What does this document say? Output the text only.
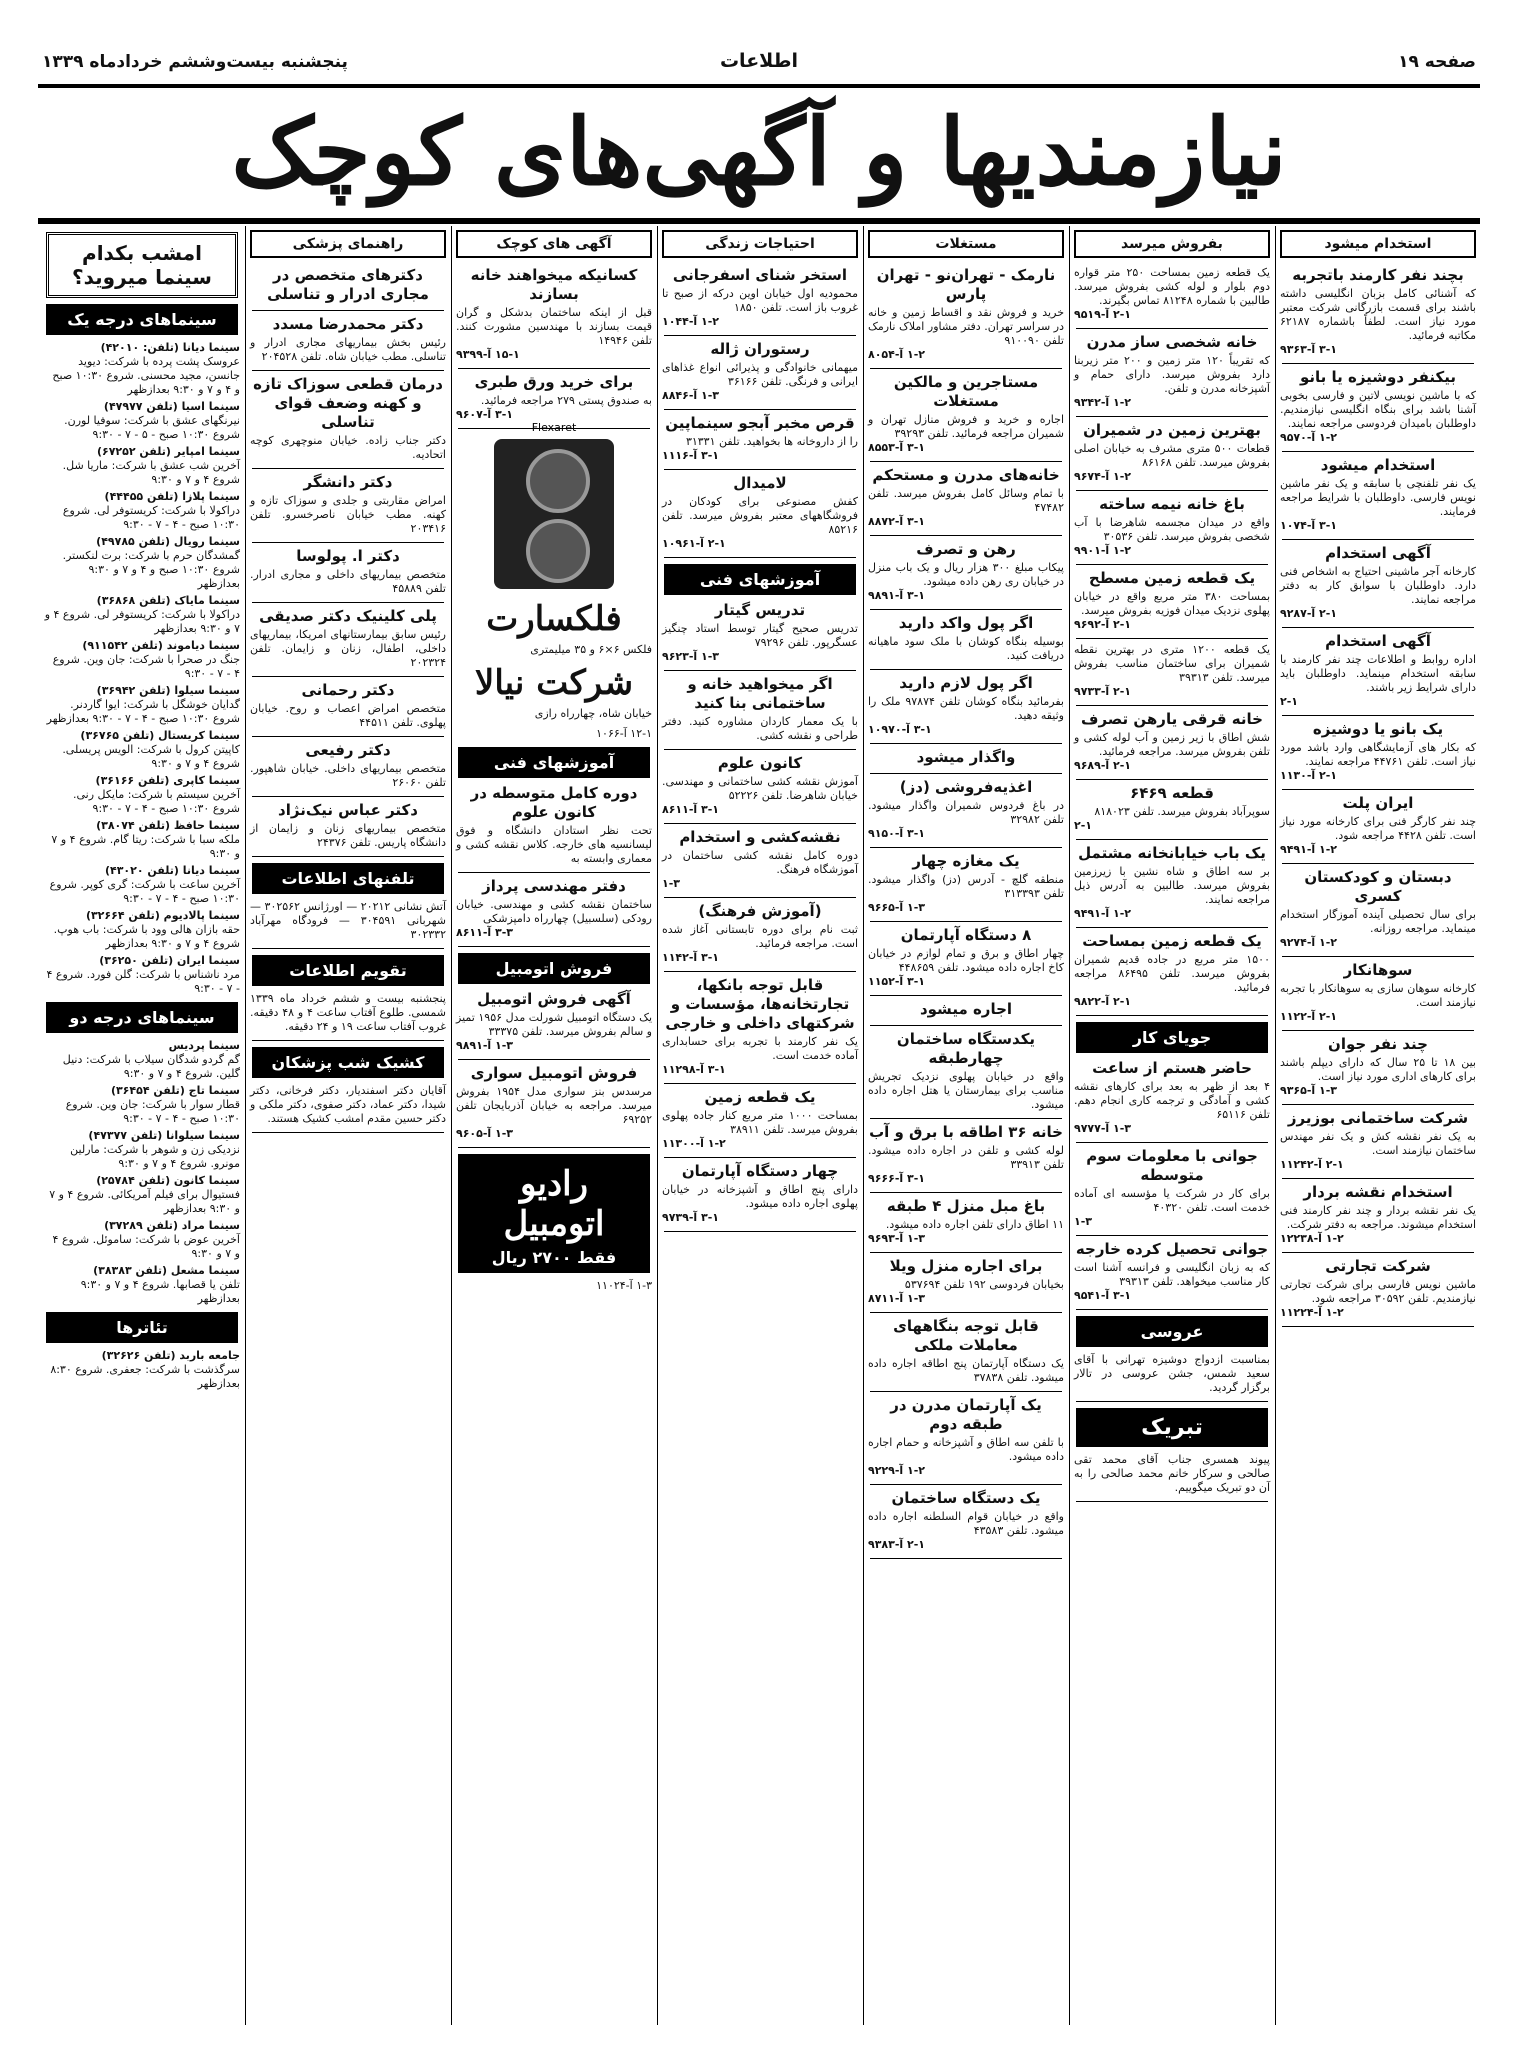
صفحه ۱۹
اطلاعات
پنجشنبه بیست‌وششم خردادماه ۱۳۳۹
نیازمندیها و آگهی‌های کوچک
استخدام میشود
بچند نفر کارمند باتجربه
که آشنائی کامل بزبان انگلیسی داشته باشند برای قسمت بازرگانی شرکت معتبر مورد نیاز است. لطفاً باشماره ۶۲۱۸۷ مکاتبه فرمائید.
۳-۱ آ-۹۳۶۳
بیکنفر دوشیزه یا بانو
که با ماشین نویسی لاتین و فارسی بخوبی آشنا باشد برای بنگاه انگلیسی نیازمندیم. داوطلبان بامیدان فردوسی مراجعه نمایند.
۱-۲ آ-۹۵۷۰
استخدام میشود
یک نفر تلفنچی با سابقه و یک نفر ماشین نویس فارسی. داوطلبان با شرایط مراجعه فرمایند.
۳-۱ آ-۱۰۷۴
آگهی استخدام
کارخانه آجر ماشینی احتیاج به اشخاص فنی دارد. داوطلبان با سوابق کار به دفتر مراجعه نمایند.
۲-۱ آ-۹۲۸۷
آگهی استخدام
اداره روابط و اطلاعات چند نفر کارمند با سابقه استخدام مینماید. داوطلبان باید دارای شرایط زیر باشند.
۲-۱
یک بانو یا دوشیزه
که بکار های آزمایشگاهی وارد باشد مورد نیاز است. تلفن ۴۴۷۶۱ مراجعه نمایند.
۲-۱ آ-۱۱۳۰
ایران پلت
چند نفر کارگر فنی برای کارخانه مورد نیاز است. تلفن ۴۴۲۸ مراجعه شود.
۱-۲ آ-۹۴۹۱
دبستان و کودکستان کسری
برای سال تحصیلی آینده آموزگار استخدام مینماید. مراجعه روزانه.
۱-۲ آ-۹۲۷۴
سوهانکار
کارخانه سوهان سازی به سوهانکار با تجربه نیازمند است.
۲-۱ آ-۱۱۲۲
چند نفر جوان
بین ۱۸ تا ۲۵ سال که دارای دیپلم باشند برای کارهای اداری مورد نیاز است.
۱-۳ آ-۹۳۶۵
شرکت ساختمانی بوزیرز
به یک نفر نقشه کش و یک نفر مهندس ساختمان نیازمند است.
۲-۱ آ-۱۱۲۴۲
استخدام نقشه بردار
یک نفر نقشه بردار و چند نفر کارمند فنی استخدام میشوند. مراجعه به دفتر شرکت.
۱-۲ آ-۱۲۲۳۸
شرکت تجارتی
ماشین نویس فارسی برای شرکت تجارتی نیازمندیم. تلفن ۳۰۵۹۲ مراجعه شود.
۱-۲ آ-۱۱۲۲۴
بفروش میرسد
یک قطعه زمین بمساحت ۲۵۰ متر قواره دوم بلوار و لوله کشی بفروش میرسد. طالبین با شماره ۸۱۲۴۸ تماس بگیرند.
۲-۱ آ-۹۵۱۹
خانه شخصی ساز مدرن
که تقریباً ۱۲۰ متر زمین و ۲۰۰ متر زیربنا دارد بفروش میرسد. دارای حمام و آشپزخانه مدرن و تلفن.
۱-۲ آ-۹۳۴۲
بهترین زمین در شمیران
قطعات ۵۰۰ متری مشرف به خیابان اصلی بفروش میرسد. تلفن ۸۶۱۶۸
۱-۲ آ-۹۶۷۴
باغ خانه نیمه ساخته
واقع در میدان مجسمه شاهرضا با آب شخصی بفروش میرسد. تلفن ۳۰۵۳۶
۱-۲ آ-۹۹۰۱
یک قطعه زمین مسطح
بمساحت ۳۸۰ متر مربع واقع در خیابان پهلوی نزدیک میدان فوزیه بفروش میرسد.
۲-۱ آ-۹۶۹۲
یک قطعه ۱۲۰۰ متری در بهترین نقطه شمیران برای ساختمان مناسب بفروش میرسد. تلفن ۳۹۳۱۳
۲-۱ آ-۹۷۳۳
خانه قرقی یارهن تصرف
شش اطاق با زیر زمین و آب لوله کشی و تلفن بفروش میرسد. مراجعه فرمائید.
۲-۱ آ-۹۶۸۹
قطعه ۶۴۶۹
سوپرآباد بفروش میرسد. تلفن ۸۱۸۰۲۳
۲-۱
یک باب خیابانخانه مشتمل
بر سه اطاق و شاه نشین با زیرزمین بفروش میرسد. طالبین به آدرس ذیل مراجعه نمایند.
۱-۲ آ-۹۴۹۱
یک قطعه زمین بمساحت
۱۵۰۰ متر مربع در جاده قدیم شمیران بفروش میرسد. تلفن ۸۶۴۹۵ مراجعه فرمائید.
۲-۱ آ-۹۸۲۲
جویای کار
حاضر هستم از ساعت
۴ بعد از ظهر به بعد برای کارهای نقشه کشی و آمادگی و ترجمه کاری انجام دهم. تلفن ۶۵۱۱۶
۱-۳ آ-۹۷۷۷
جوانی با معلومات سوم متوسطه
برای کار در شرکت یا مؤسسه ای آماده خدمت است. تلفن ۴۰۳۲۰
۱-۳
جوانی تحصیل کرده خارجه
که به زبان انگلیسی و فرانسه آشنا است کار مناسب میخواهد. تلفن ۳۹۳۱۳
۳-۱ آ-۹۵۴۱
عروسی
بمناسبت ازدواج دوشیزه تهرانی با آقای سعید شمس، جشن عروسی در تالار برگزار گردید.
تبریک
پیوند همسری جناب آقای محمد تقی صالحی و سرکار خانم محمد صالحی را به آن دو تبریک میگوییم.
مستغلات
نارمک - تهران‌نو - تهران پارس
خرید و فروش نقد و اقساط زمین و خانه در سراسر تهران. دفتر مشاور املاک نارمک تلفن ۹۱۰۰۹۰
۱-۲ آ-۸۰۵۴
مستاجرین و مالکین مستغلات
اجاره و خرید و فروش منازل تهران و شمیران مراجعه فرمائید. تلفن ۳۹۲۹۳
۳-۱ آ-۸۵۵۳
خانه‌های مدرن و مستحکم
با تمام وسائل کامل بفروش میرسد. تلفن ۴۷۴۸۲
۳-۱ آ-۸۸۷۲
رهن و تصرف
پیکاب مبلغ ۳۰۰ هزار ریال و یک باب منزل در خیابان ری رهن داده میشود.
۳-۱ آ-۹۸۹۱
اگر پول واکد دارید
بوسیله بنگاه کوشان با ملک سود ماهیانه دریافت کنید.
اگر پول لازم دارید
بفرمائید بنگاه کوشان تلفن ۹۷۸۷۴ ملک را وثیقه دهید.
۳-۱ آ-۱۰۹۷۰
واگذار میشود
اغذیه‌فروشی (دز)
در باغ فردوس شمیران واگذار میشود. تلفن ۳۲۹۸۲
۳-۱ آ-۹۱۵۰
یک مغازه چهار
منطقه گلچ - آدرس (دز) واگذار میشود. تلفن ۳۱۳۳۹۳
۱-۳ آ-۹۶۶۵
۸ دستگاه آپارتمان
چهار اطاق و برق و تمام لوازم در خیابان کاخ اجاره داده میشود. تلفن ۴۴۸۶۵۹
۳-۱ آ-۱۱۵۲
اجاره میشود
یکدستگاه ساختمان چهارطبقه
واقع در خیابان پهلوی نزدیک تجریش مناسب برای بیمارستان یا هتل اجاره داده میشود.
خانه ۳۶ اطاقه با برق و آب
لوله کشی و تلفن در اجاره داده میشود. تلفن ۳۳۹۱۳
۳-۱ آ-۹۶۶۶
باغ مبل منزل ۴ طبقه
۱۱ اطاق دارای تلفن اجاره داده میشود.
۱-۳ آ-۹۶۹۳
برای اجاره منزل ویلا
بخیابان فردوسی ۱۹۲ تلفن ۵۳۷۶۹۴
۱-۳ آ-۸۷۱۱
قابل توجه بنگاههای معاملات ملکی
یک دستگاه آپارتمان پنج اطاقه اجاره داده میشود. تلفن ۳۷۸۳۸
یک آپارتمان مدرن در طبقه دوم
با تلفن سه اطاق و آشپزخانه و حمام اجاره داده میشود.
۱-۲ آ-۹۲۲۹
یک دستگاه ساختمان
واقع در خیابان قوام السلطنه اجاره داده میشود. تلفن ۴۳۵۸۳
۲-۱ آ-۹۳۸۳
احتیاجات زندگی
استخر شنای اسفرجانی
محمودیه اول خیابان اوین درکه از صبح تا غروب باز است. تلفن ۱۸۵۰
۱-۲ آ-۱۰۴۴
رستوران ژاله
میهمانی خانوادگی و پذیرائی انواع غذاهای ایرانی و فرنگی. تلفن ۳۶۱۶۶
۱-۳ آ-۸۸۴۶
قرص مخبر آبجو سینماپین
را از داروخانه ها بخواهید. تلفن ۳۱۳۳۱
۳-۱ آ-۱۱۱۶
لامیدال
کفش مصنوعی برای کودکان در فروشگاههای معتبر بفروش میرسد. تلفن ۸۵۲۱۶
۲-۱ آ-۱۰۹۶۱
آموزشهای فنی
تدریس گیتار
تدریس صحیح گیتار توسط استاد چنگیز عسگرپور. تلفن ۷۹۲۹۶
۱-۳ آ-۹۶۲۳
اگر میخواهید خانه و ساختمانی بنا کنید
با یک معمار کاردان مشاوره کنید. دفتر طراحی و نقشه کشی.
کانون علوم
آموزش نقشه کشی ساختمانی و مهندسی. خیابان شاهرضا. تلفن ۵۲۲۲۶
۳-۱ آ-۸۶۱۱
نقشه‌کشی و استخدام
دوره کامل نقشه کشی ساختمان در آموزشگاه فرهنگ.
۱-۳
(آموزش فرهنگ)
ثبت نام برای دوره تابستانی آغاز شده است. مراجعه فرمائید.
۳-۱ آ-۱۱۴۲
قابل توجه بانکها، تجارتخانه‌ها، مؤسسات و شرکتهای داخلی و خارجی
یک نفر کارمند با تجربه برای حسابداری آماده خدمت است.
۳-۱ آ-۱۱۲۹۸
یک قطعه زمین
بمساحت ۱۰۰۰ متر مربع کنار جاده پهلوی بفروش میرسد. تلفن ۳۸۹۱۱
۱-۲ آ-۱۱۳۰۰
چهار دستگاه آپارتمان
دارای پنج اطاق و آشپزخانه در خیابان پهلوی اجاره داده میشود.
۳-۱ آ-۹۷۳۹
آگهی های کوچک
کسانیکه میخواهند خانه بسازند
قبل از اینکه ساختمان بدشکل و گران قیمت بسازند با مهندسین مشورت کنند. تلفن ۱۴۹۴۶
۱۵-۱ آ-۹۳۹۹
برای خرید ورق طبری
به صندوق پستی ۲۷۹ مراجعه فرمائید.
۳-۱ آ-۹۶۰۷
Flexaret
فلکسارت
فلکس ۶×۶ و ۳۵ میلیمتری
شرکت نیالا
خیابان شاه، چهارراه رازی
۱۲-۱ آ-۱۰۶۶
آموزشهای فنی
دوره کامل متوسطه در کانون علوم
تحت نظر استادان دانشگاه و فوق لیسانسیه های خارجه. کلاس نقشه کشی و معماری وابسته به
دفتر مهندسی پرداز
ساختمان نقشه کشی و مهندسی. خیابان رودکی (سلسبیل) چهارراه دامپزشکی
۳-۳ آ-۸۶۱۱
فروش اتومبیل
آگهی فروش اتومبیل
یک دستگاه اتومبیل شورلت مدل ۱۹۵۶ تمیز و سالم بفروش میرسد. تلفن ۳۳۳۷۵
۱-۳ آ-۹۸۹۱
فروش اتومبیل سواری
مرسدس بنز سواری مدل ۱۹۵۴ بفروش میرسد. مراجعه به خیابان آذربایجان تلفن ۶۹۲۵۲
۱-۳ آ-۹۶۰۵
رادیو اتومبیل
فقط ۲۷۰۰ ریال
۱-۳ آ-۱۱۰۲۴
راهنمای پزشکی
دکترهای متخصص در مجاری ادرار و تناسلی
دکتر محمدرضا مسدد
رئیس بخش بیماریهای مجاری ادرار و تناسلی. مطب خیابان شاه. تلفن ۲۰۴۵۲۸
درمان قطعی سوزاک تازه و کهنه وضعف قوای تناسلی
دکتر جناب زاده. خیابان منوچهری کوچه اتحادیه.
دکتر دانشگر
امراض مقاربتی و جلدی و سوزاک تازه و کهنه. مطب خیابان ناصرخسرو. تلفن ۲۰۳۴۱۶
دکتر ا. پولوسا
متخصص بیماریهای داخلی و مجاری ادرار. تلفن ۴۵۸۸۹
پلی کلینیک دکتر صدیقی
رئیس سابق بیمارستانهای امریکا، بیماریهای داخلی، اطفال، زنان و زایمان. تلفن ۲۰۲۳۲۴
دکتر رحمانی
متخصص امراض اعصاب و روح. خیابان پهلوی. تلفن ۴۴۵۱۱
دکتر رفیعی
متخصص بیماریهای داخلی. خیابان شاهپور. تلفن ۲۶۰۶۰
دکتر عباس نیک‌نژاد
متخصص بیماریهای زنان و زایمان از دانشگاه پاریس. تلفن ۲۴۳۷۶
تلفنهای اطلاعات
آتش نشانی ۲۰۲۱۲ — اورژانس ۳۰۲۵۶۲ — شهربانی ۳۰۴۵۹۱ — فرودگاه مهرآباد ۳۰۲۳۳۲
تقویم اطلاعات
پنجشنبه بیست و ششم خرداد ماه ۱۳۳۹ شمسی. طلوع آفتاب ساعت ۴ و ۴۸ دقیقه. غروب آفتاب ساعت ۱۹ و ۲۴ دقیقه.
کشیک شب پزشکان
آقایان دکتر اسفندیار، دکتر فرخانی، دکتر شیدا، دکتر عماد، دکتر صفوی، دکتر ملکی و دکتر حسین مقدم امشب کشیک هستند.
امشب بکدام سینما میروید؟
سینماهای درجه یک
سینما دیانا (تلفن: ۴۲۰۱۰)
عروسک پشت پرده با شرکت: دیوید جانسن، مجید محسنی. شروع ۱۰:۳۰ صبح و ۴ و ۷ و ۹:۳۰ بعدازظهر
سینما اسیا (تلفن ۴۷۹۷۷)
نیرنگهای عشق با شرکت: سوفیا لورن. شروع ۱۰:۳۰ صبح - ۵ - ۷ - ۹:۳۰
سینما امپایر (تلفن ۶۷۲۵۲)
آخرین شب عشق با شرکت: ماریا شل. شروع ۴ و ۷ و ۹:۳۰
سینما پلازا (تلفن ۴۴۴۵۵)
دراکولا با شرکت: کریستوفر لی. شروع ۱۰:۳۰ صبح - ۴ - ۷ - ۹:۳۰
سینما رویال (تلفن ۴۹۷۸۵)
گمشدگان حرم با شرکت: برت لنکستر. شروع ۱۰:۳۰ صبح و ۴ و ۷ و ۹:۳۰ بعدازظهر
سینما مایاک (تلفن ۳۶۸۶۸)
دراکولا با شرکت: کریستوفر لی. شروع ۴ و ۷ و ۹:۳۰ بعدازظهر
سینما دیاموند (تلفن ۹۱۱۵۴۲)
جنگ در صحرا با شرکت: جان وین. شروع ۴ - ۷ - ۹:۳۰
سینما سیلوا (تلفن ۳۶۹۴۲)
گدایان خوشگل با شرکت: ایوا گاردنر. شروع ۱۰:۳۰ صبح - ۴ - ۷ - ۹:۳۰ بعدازظهر
سینما کریستال (تلفن ۳۶۷۶۵)
کاپیتن کرول با شرکت: الویس پریسلی. شروع ۴ و ۷ و ۹:۳۰
سینما کاپری (تلفن ۳۶۱۶۶)
آخرین سیستم با شرکت: مایکل رنی. شروع ۱۰:۳۰ صبح - ۴ - ۷ - ۹:۳۰
سینما حافظ (تلفن ۳۸۰۷۴)
ملکه سبا با شرکت: ریتا گام. شروع ۴ و ۷ و ۹:۳۰
سینما دیانا (تلفن ۴۳۰۲۰)
آخرین ساعت با شرکت: گری کوپر. شروع ۱۰:۳۰ صبح - ۴ - ۷ - ۹:۳۰
سینما پالادیوم (تلفن ۳۲۶۶۴)
حقه بازان هالی وود با شرکت: باب هوپ. شروع ۴ و ۷ و ۹:۳۰ بعدازظهر
سینما ایران (تلفن ۳۶۲۵۰)
مرد ناشناس با شرکت: گلن فورد. شروع ۴ - ۷ - ۹:۳۰
سینماهای درجه دو
سینما پردیس
گم گردو شدگان سیلاب با شرکت: دنیل گلین. شروع ۴ و ۷ و ۹:۳۰
سینما تاج (تلفن ۳۶۴۵۴)
قطار سوار با شرکت: جان وین. شروع ۱۰:۳۰ صبح - ۴ - ۷ - ۹:۳۰
سینما سیلوانا (تلفن ۴۷۳۷۷)
نزدیکی زن و شوهر با شرکت: مارلین مونرو. شروع ۴ و ۷ و ۹:۳۰
سینما کانون (تلفن ۲۵۷۸۴)
فستیوال برای فیلم آمریکائی. شروع ۴ و ۷ و ۹:۳۰ بعدازظهر
سینما مراد (تلفن ۳۷۲۸۹)
آخرین عوض با شرکت: ساموئل. شروع ۴ و ۷ و ۹:۳۰
سینما مشعل (تلفن ۳۸۳۸۳)
تلفن یا قصابها. شروع ۴ و ۷ و ۹:۳۰ بعدازظهر
تئاترها
جامعه باربد (تلفن ۳۲۶۲۶)
سرگذشت با شرکت: جعفری. شروع ۸:۳۰ بعدازظهر
